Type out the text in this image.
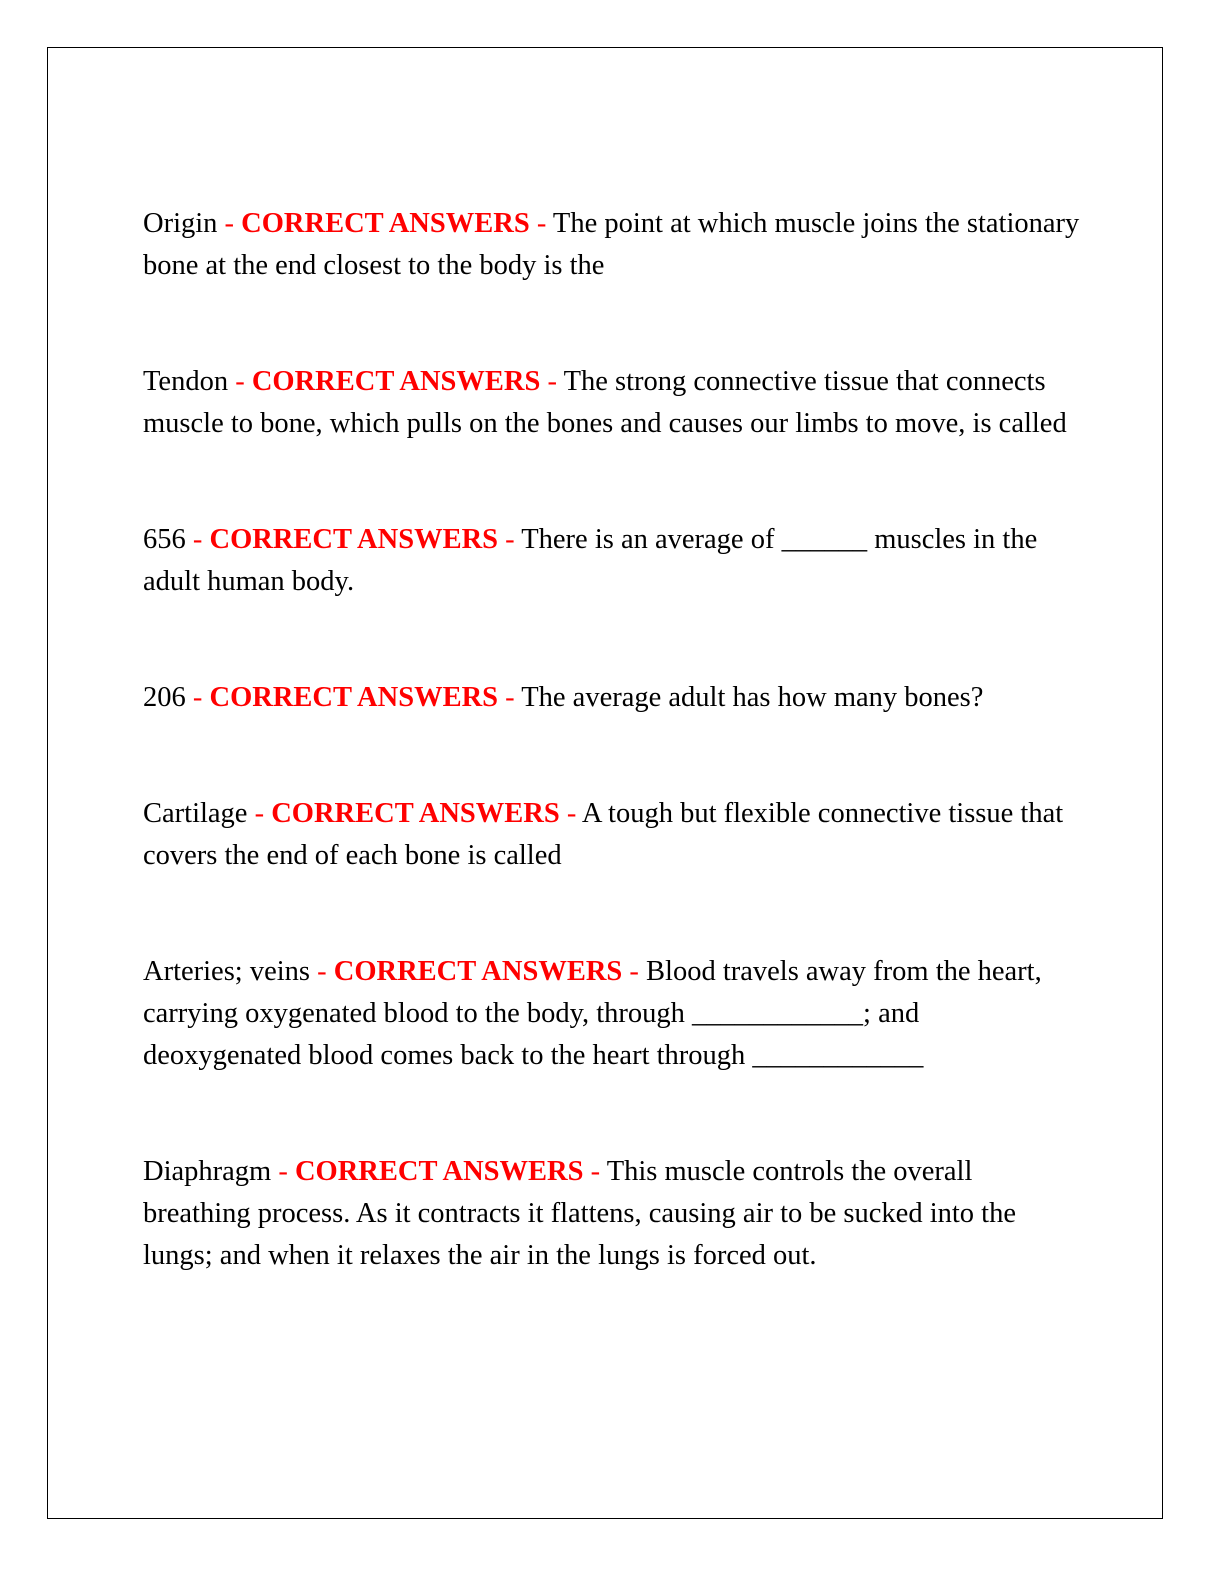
Origin - CORRECT ANSWERS - The point at which muscle joins the stationary bone at the end closest to the body is the

Tendon - CORRECT ANSWERS - The strong connective tissue that connects muscle to bone, which pulls on the bones and causes our limbs to move, is called

656 - CORRECT ANSWERS - There is an average of ______ muscles in the adult human body.

206 - CORRECT ANSWERS - The average adult has how many bones?

Cartilage - CORRECT ANSWERS - A tough but flexible connective tissue that covers the end of each bone is called

Arteries; veins - CORRECT ANSWERS - Blood travels away from the heart, carrying oxygenated blood to the body, through ____________; and deoxygenated blood comes back to the heart through ____________

Diaphragm - CORRECT ANSWERS - This muscle controls the overall breathing process. As it contracts it flattens, causing air to be sucked into the lungs; and when it relaxes the air in the lungs is forced out.
